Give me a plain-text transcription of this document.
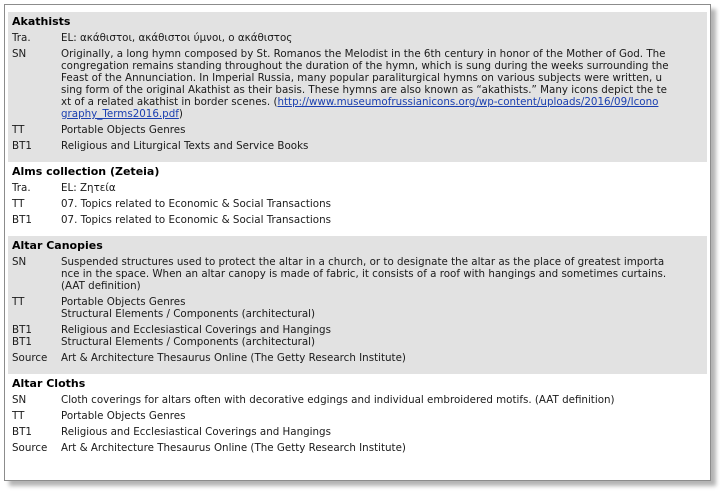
Akathists
Tra.	EL: ακάθιστοι, ακάθιστοι ύμνοι, ο ακάθιστος
SN	Originally, a long hymn composed by St. Romanos the Melodist in the 6th century in honor of the Mother of God. The
congregation remains standing throughout the duration of the hymn, which is sung during the weeks surrounding the
Feast of the Annunciation. In Imperial Russia, many popular paraliturgical hymns on various subjects were written, u
sing form of the original Akathist as their basis. These hymns are also known as “akathists.” Many icons depict the te
xt of a related akathist in border scenes. (http://www.museumofrussianicons.org/wp-content/uploads/2016/09/Icono
graphy_Terms2016.pdf)
TT	Portable Objects Genres
BT1	Religious and Liturgical Texts and Service Books
Alms collection (Zeteia)
Tra.	EL: Ζητεία
TT	07. Topics related to Economic & Social Transactions
BT1	07. Topics related to Economic & Social Transactions
Altar Canopies
SN	Suspended structures used to protect the altar in a church, or to designate the altar as the place of greatest importa
nce in the space. When an altar canopy is made of fabric, it consists of a roof with hangings and sometimes curtains.
(AAT definition)
TT	Portable Objects Genres
Structural Elements / Components (architectural)
BT1	Religious and Ecclesiastical Coverings and Hangings
BT1	Structural Elements / Components (architectural)
Source	Art & Architecture Thesaurus Online (The Getty Research Institute)
Altar Cloths
SN	Cloth coverings for altars often with decorative edgings and individual embroidered motifs. (AAT definition)
TT	Portable Objects Genres
BT1	Religious and Ecclesiastical Coverings and Hangings
Source	Art & Architecture Thesaurus Online (The Getty Research Institute)
